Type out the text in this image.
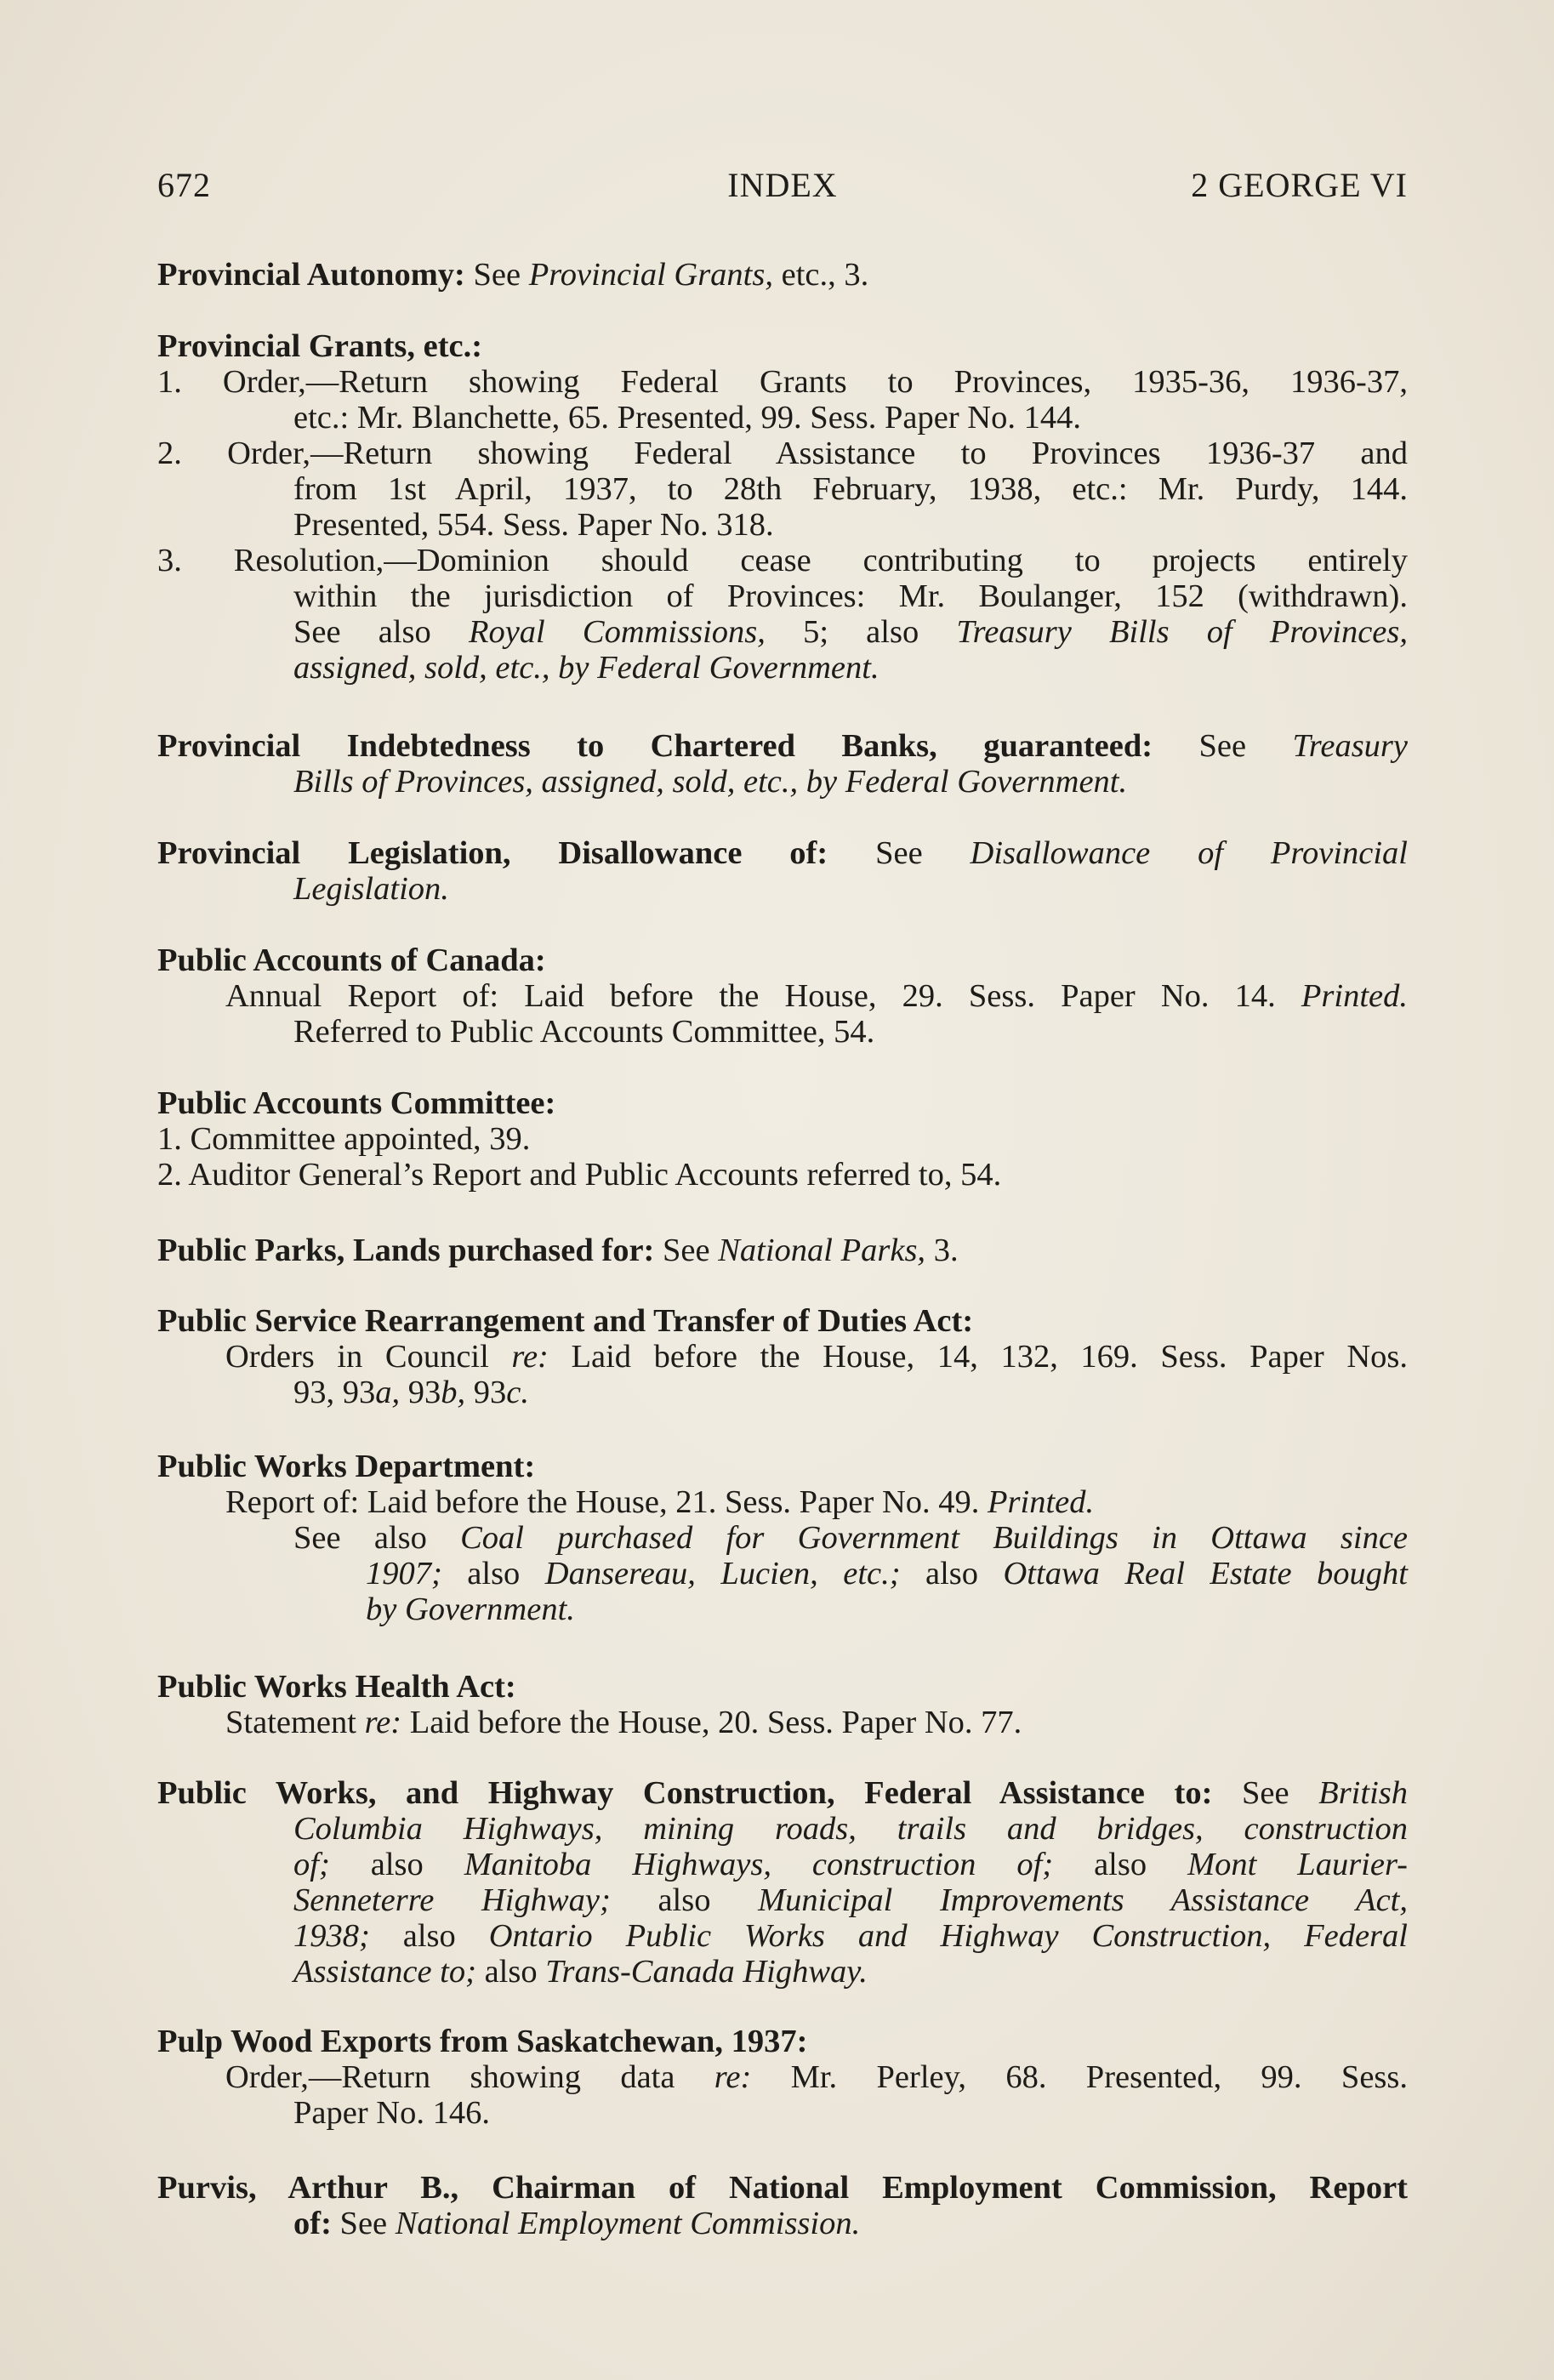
672	INDEX	2 GEORGE VI
Provincial Autonomy: See Provincial Grants, etc., 3.
Provincial Grants, etc.:
1. Order,—Return showing Federal Grants to Provinces, 1935-36, 1936-37,
etc.: Mr. Blanchette, 65. Presented, 99. Sess. Paper No. 144.
2. Order,—Return showing Federal Assistance to Provinces 1936-37 and
from 1st April, 1937, to 28th February, 1938, etc.: Mr. Purdy, 144.
Presented, 554. Sess. Paper No. 318.
3. Resolution,—Dominion should cease contributing to projects entirely
within the jurisdiction of Provinces: Mr. Boulanger, 152 (withdrawn).
See also Royal Commissions, 5; also Treasury Bills of Provinces,
assigned, sold, etc., by Federal Government.
Provincial Indebtedness to Chartered Banks, guaranteed: See Treasury
Bills of Provinces, assigned, sold, etc., by Federal Government.
Provincial Legislation, Disallowance of: See Disallowance of Provincial
Legislation.
Public Accounts of Canada:
Annual Report of: Laid before the House, 29. Sess. Paper No. 14. Printed.
Referred to Public Accounts Committee, 54.
Public Accounts Committee:
1. Committee appointed, 39.
2. Auditor General’s Report and Public Accounts referred to, 54.
Public Parks, Lands purchased for: See National Parks, 3.
Public Service Rearrangement and Transfer of Duties Act:
Orders in Council re: Laid before the House, 14, 132, 169. Sess. Paper Nos.
93, 93a, 93b, 93c.
Public Works Department:
Report of: Laid before the House, 21. Sess. Paper No. 49. Printed.
See also Coal purchased for Government Buildings in Ottawa since
1907; also Dansereau, Lucien, etc.; also Ottawa Real Estate bought
by Government.
Public Works Health Act:
Statement re: Laid before the House, 20. Sess. Paper No. 77.
Public Works, and Highway Construction, Federal Assistance to: See British
Columbia Highways, mining roads, trails and bridges, construction
of; also Manitoba Highways, construction of; also Mont Laurier-
Senneterre Highway; also Municipal Improvements Assistance Act,
1938; also Ontario Public Works and Highway Construction, Federal
Assistance to; also Trans-Canada Highway.
Pulp Wood Exports from Saskatchewan, 1937:
Order,—Return showing data re: Mr. Perley, 68. Presented, 99. Sess.
Paper No. 146.
Purvis, Arthur B., Chairman of National Employment Commission, Report
of: See National Employment Commission.
